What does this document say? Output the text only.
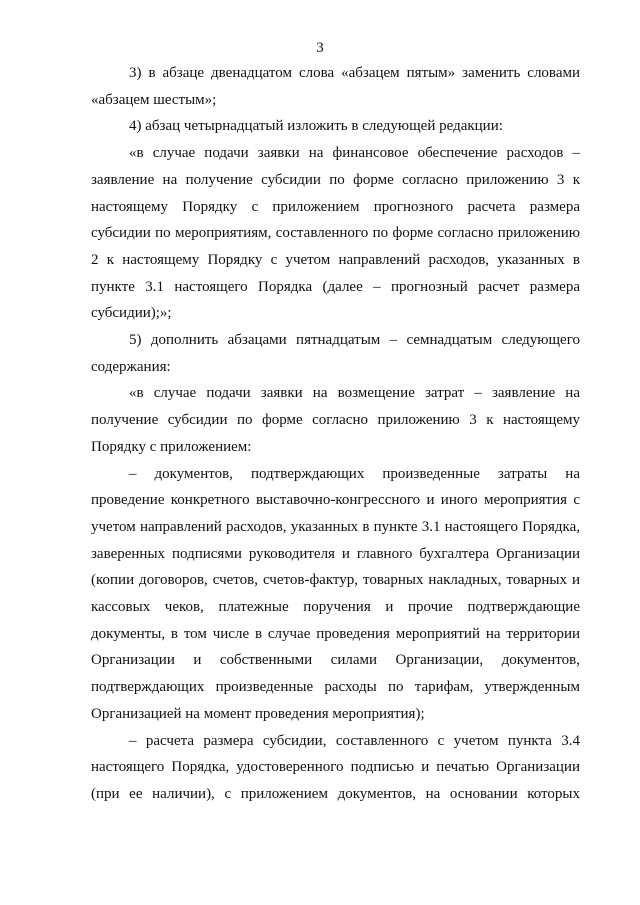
3

3) в абзаце двенадцатом слова «абзацем пятым» заменить словами «абзацем шестым»;

4) абзац четырнадцатый изложить в следующей редакции:

«в случае подачи заявки на финансовое обеспечение расходов – заявление на получение субсидии по форме согласно приложению 3 к настоящему Порядку с приложением прогнозного расчета размера субсидии по мероприятиям, составленного по форме согласно приложению 2 к настоящему Порядку с учетом направлений расходов, указанных в пункте 3.1 настоящего Порядка (далее – прогнозный расчет размера субсидии);»;

5) дополнить абзацами пятнадцатым – семнадцатым следующего содержания:

«в случае подачи заявки на возмещение затрат – заявление на получение субсидии по форме согласно приложению 3 к настоящему Порядку с приложением:

– документов, подтверждающих произведенные затраты на проведение конкретного выставочно-конгрессного и иного мероприятия с учетом направлений расходов, указанных в пункте 3.1 настоящего Порядка, заверенных подписями руководителя и главного бухгалтера Организации (копии договоров, счетов, счетов-фактур, товарных накладных, товарных и кассовых чеков, платежные поручения и прочие подтверждающие документы, в том числе в случае проведения мероприятий на территории Организации и собственными силами Организации, документов, подтверждающих произведенные расходы по тарифам, утвержденным Организацией на момент проведения мероприятия);

– расчета размера субсидии, составленного с учетом пункта 3.4 настоящего Порядка, удостоверенного подписью и печатью Организации (при ее наличии), с приложением документов, на основании которых
